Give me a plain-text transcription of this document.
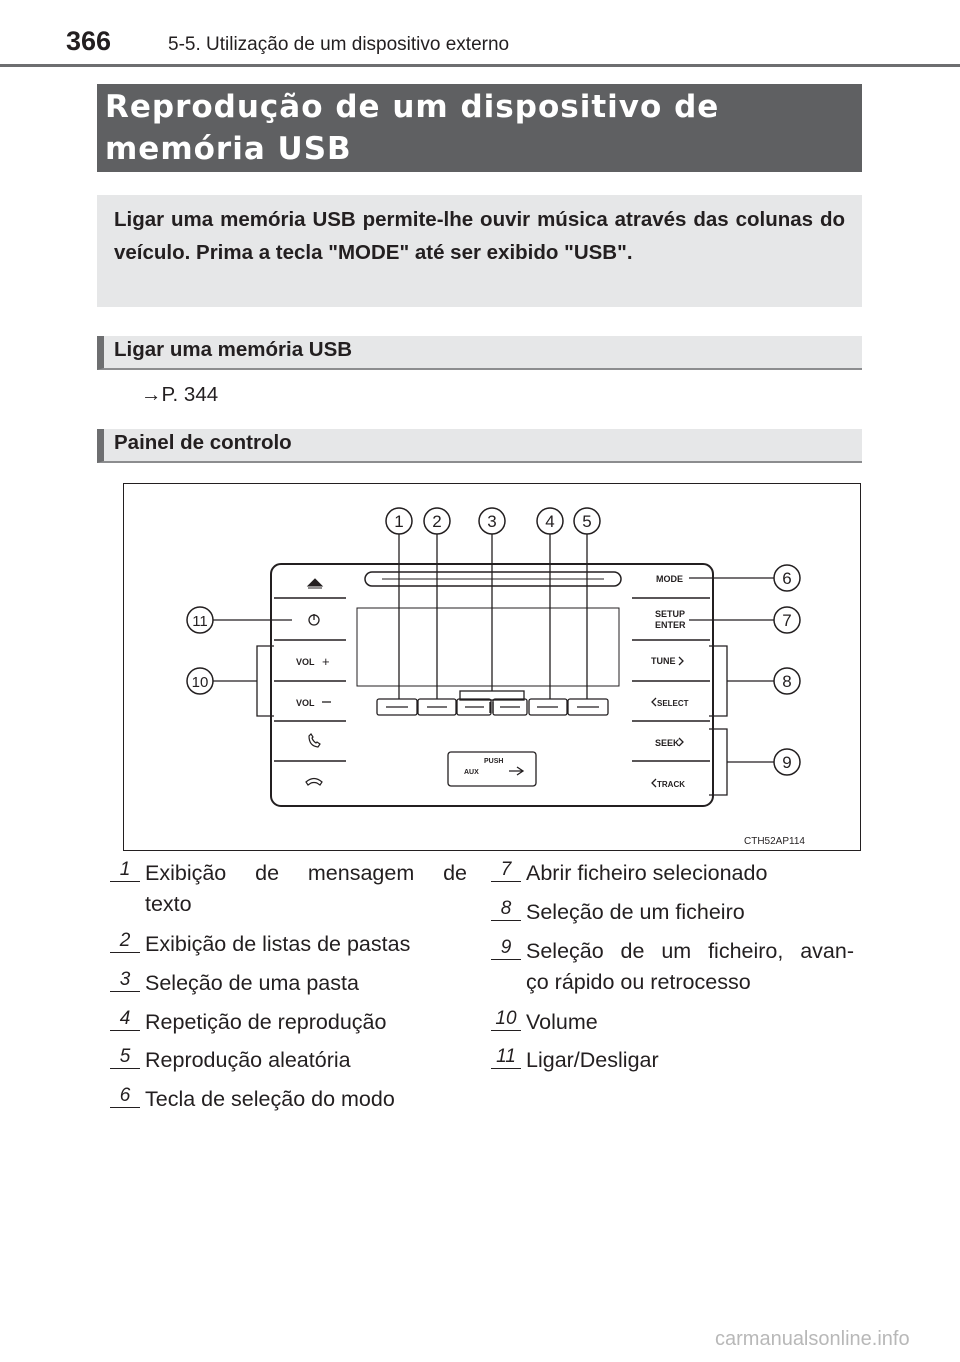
366	5-5. Utilização de um dispositivo externo
Reprodução de um dispositivo de memória USB
Ligar uma memória USB permite-lhe ouvir música através das colunas do veículo. Prima a tecla "MODE" até ser exibido "USB".
Ligar uma memória USB
→P. 344
Painel de controlo
PUSH
AUX
VOL +
VOL
MODE
SETUP
ENTER
TUNE
SELECT
SEEK
TRACK
1 2	3	4 5
6
7
8
9
10
11
CTH52AP114
1 Exibição de mensagem de
texto
2 Exibição de listas de pastas
3 Seleção de uma pasta
4 Repetição de reprodução
5 Reprodução aleatória
6 Tecla de seleção do modo
7 Abrir ficheiro selecionado
8 Seleção de um ficheiro
9 Seleção de um ficheiro, avan-
ço rápido ou retrocesso
10 Volume
11 Ligar/Desligar
carmanualsonline.info
